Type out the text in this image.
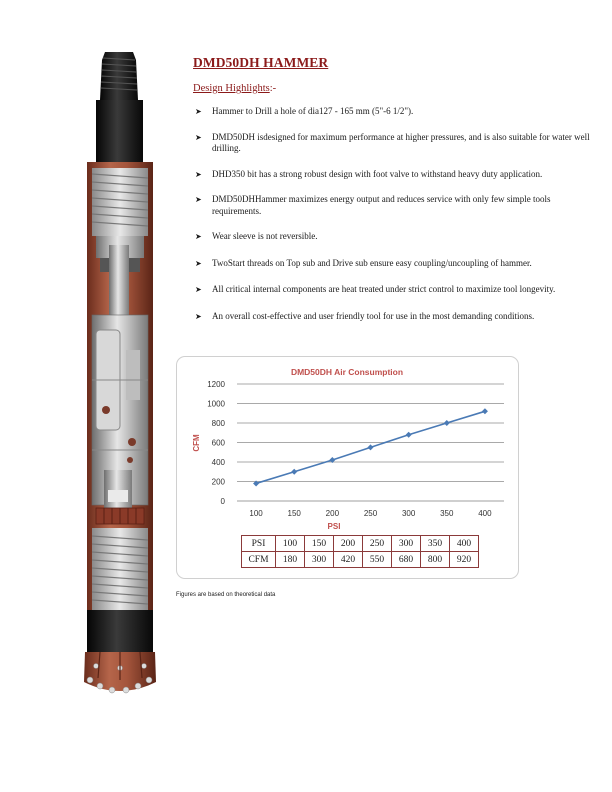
DMD50DH HAMMER
Design Highlights:-
➤ Hammer to Drill a hole of dia127 - 165 mm (5"-6 1/2").
➤ DMD50DH isdesigned for maximum performance at higher pressures, and is also suitable for water well drilling.
➤ DHD350 bit has a strong robust design with foot valve to withstand heavy duty application.
➤ DMD50DHHammer maximizes energy output and reduces service with only few simple tools requirements.
➤ Wear sleeve is not reversible.
➤ TwoStart threads on Top sub and Drive sub ensure easy coupling/uncoupling of hammer.
➤ All critical internal components are heat treated under strict control to maximize tool longevity.
➤ An overall cost-effective and user friendly tool for use in the most demanding conditions.
DMD50DH Air Consumption
CFM
PSI
0
200
400
600
800
1000
1200
100	150	200	250	300	350	400
PSI	100	150	200	250	300	350	400
CFM	180	300	420	550	680	800	920
Figures are based on theoretical data
